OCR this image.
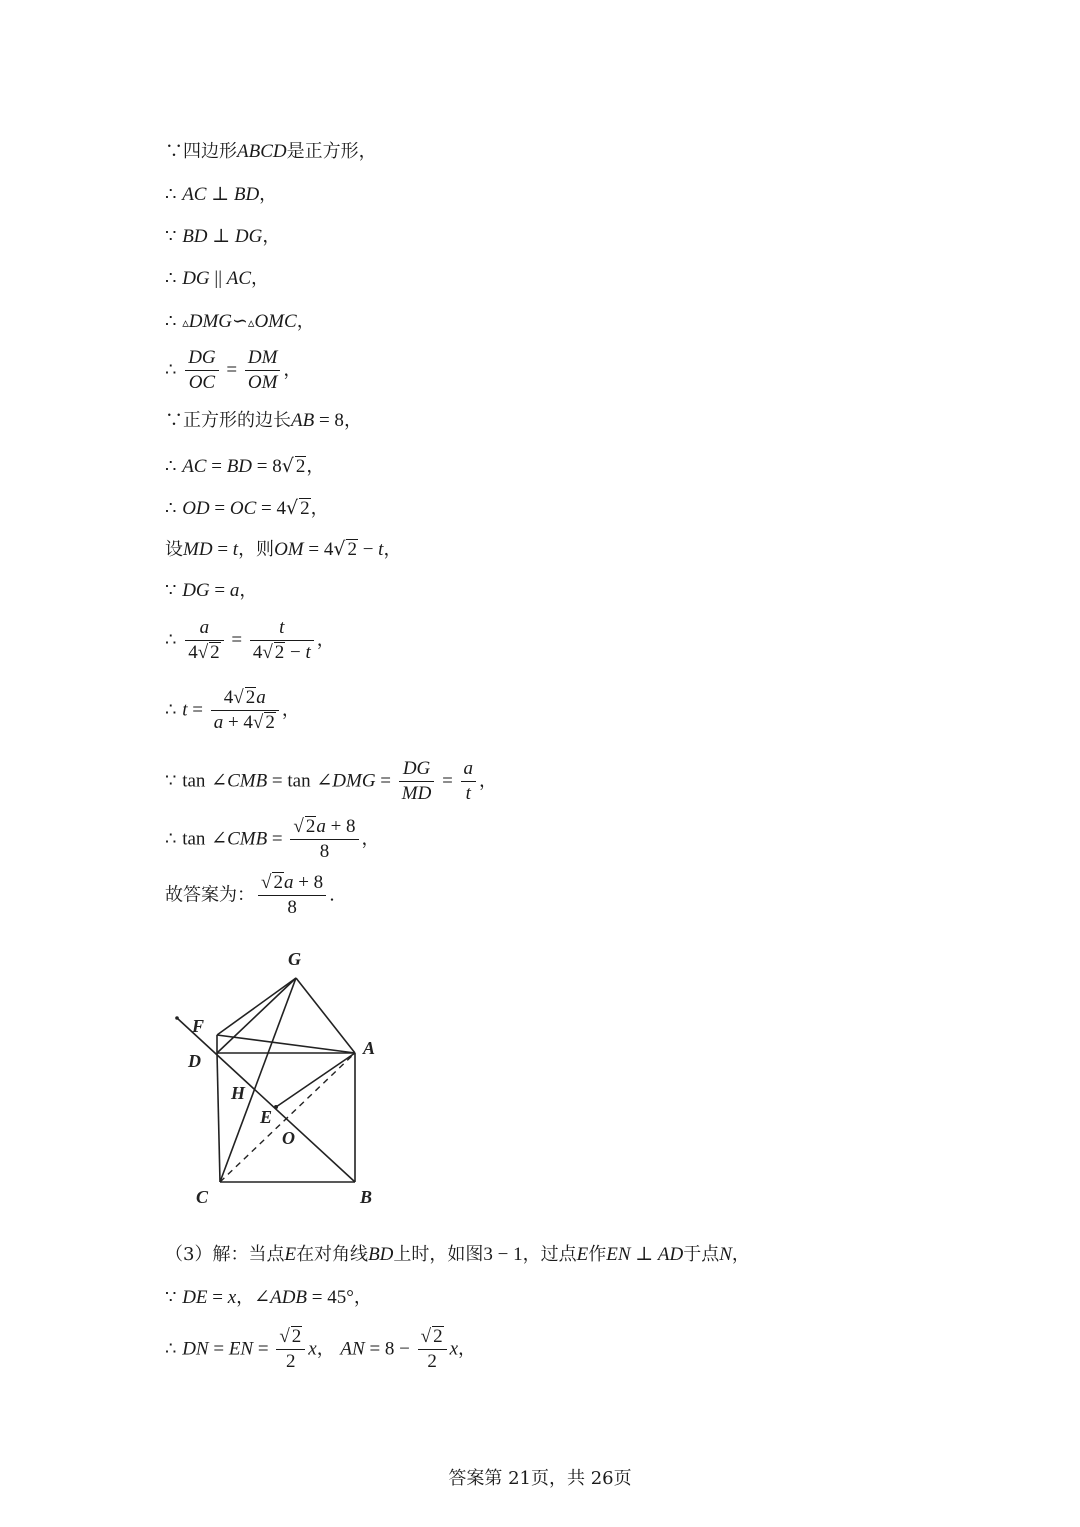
∵四边形ABCD是正方形，
∴ AC ⊥ BD，
∵ BD ⊥ DG，
∴ DG || AC，
∴ ▵DMG∽▵OMC，
∴ $\frac{DG}{OC} = \frac{DM}{OM}$ ，
∵正方形的边长AB = 8，
∴ AC = BD = 8√ 2，
∴ OD = OC = 4√ 2，
设MD = t，则OM = 4√ 2 − t，
∵ DG = a，
∴ $\frac{a}{4√ 2} = \frac{t}{4√ 2 - t}$ ，
∴ $t = \frac{4√ 2a}{a + 4√ 2}$ ，
∵ tan ∠CMB = tan ∠DMG = $\frac{DG}{MD} = \frac{a}{t}$ ，
∴ tan ∠CMB = $\frac{√ 2a + 8}{8}$ ，
故答案为： $\frac{√ 2a + 8}{8}$ .
G
F
D
A
H
E
O
C	B
（3）解：当点E在对角线BD上时，如图3 − 1，过点E作EN ⊥ AD于点N，
∵ DE = x，∠ADB = 45°，
∴ DN = EN = $\frac{√ 2}{2}$ x， AN = $8 - \frac{√ 2}{2}$ x，
答案第 21页，共 26页
